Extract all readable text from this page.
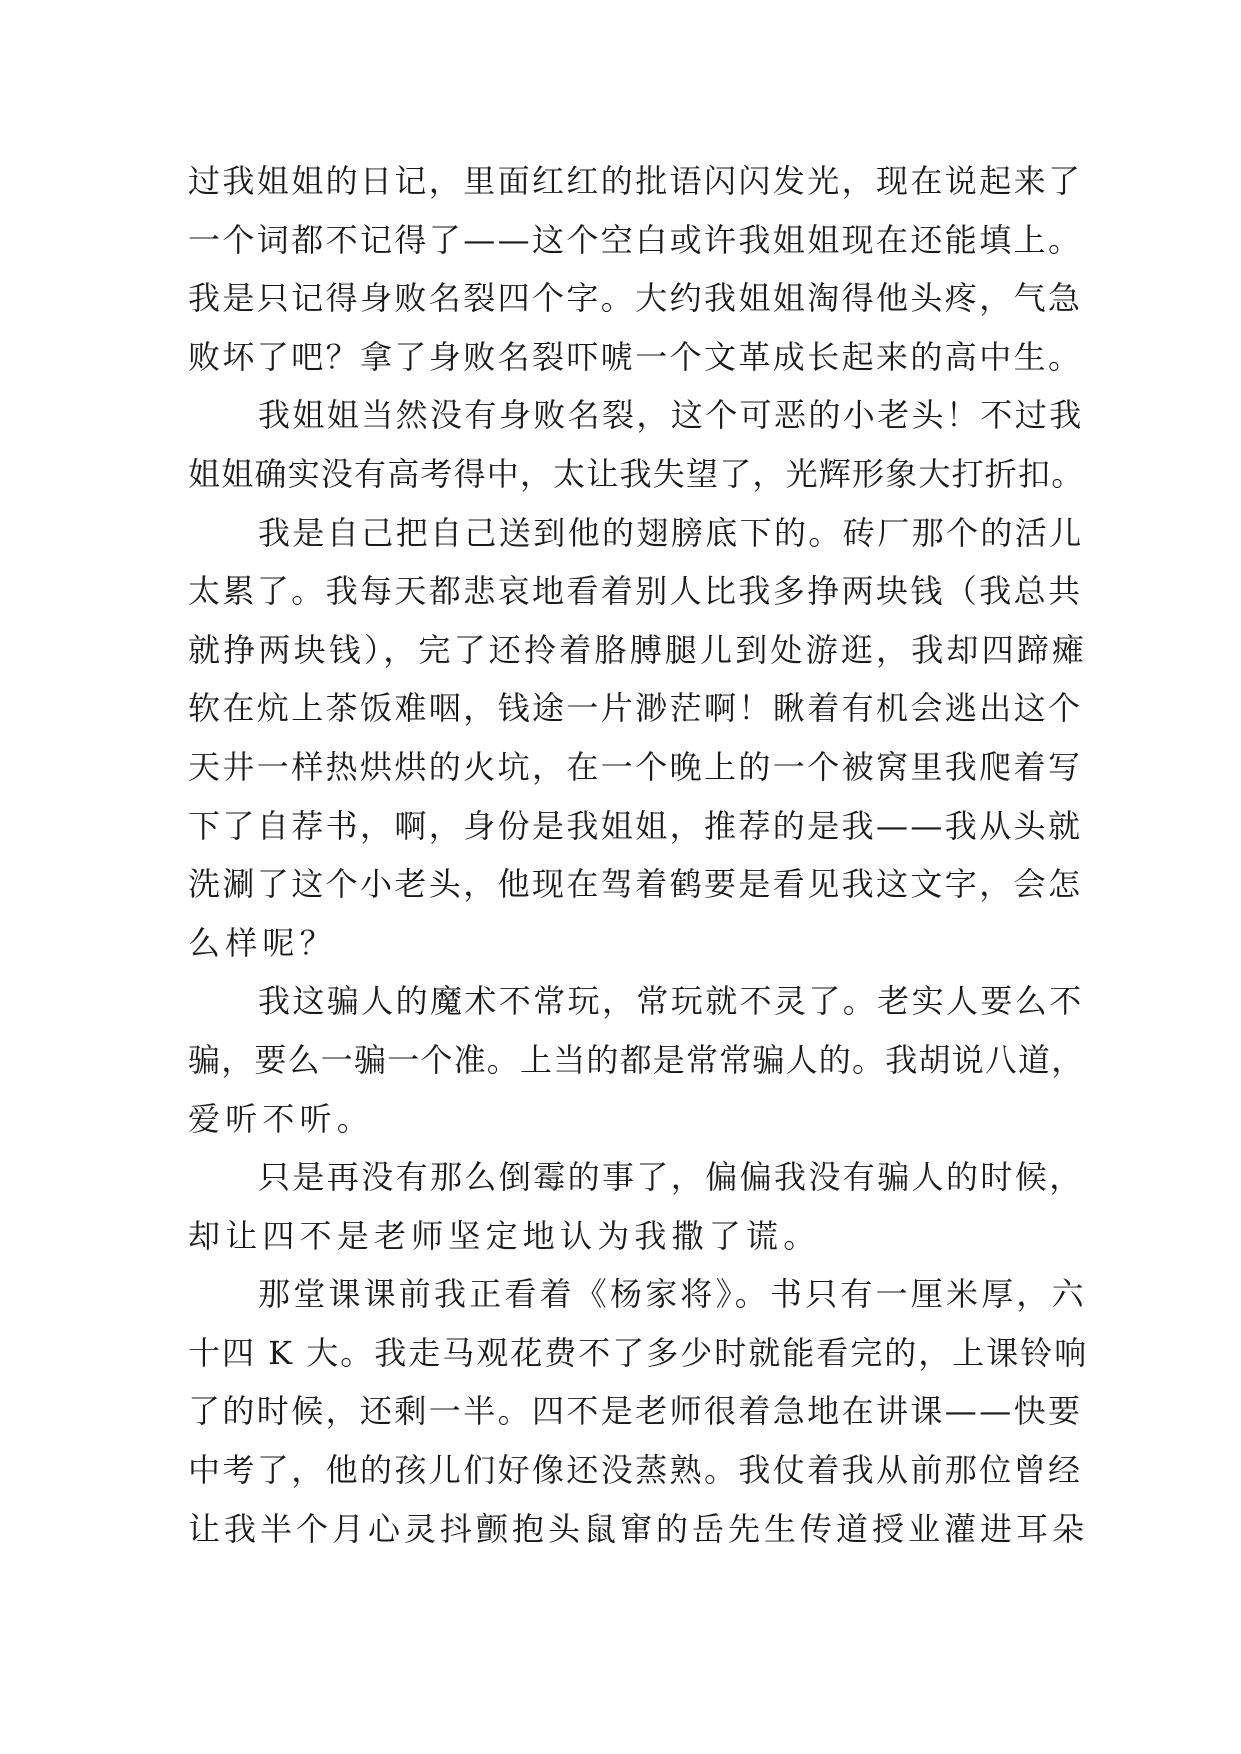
过我姐姐的日记，里面红红的批语闪闪发光，现在说起来了
一个词都不记得了——这个空白或许我姐姐现在还能填上。
我是只记得身败名裂四个字。大约我姐姐淘得他头疼，气急
败坏了吧？拿了身败名裂吓唬一个文革成长起来的高中生。
我姐姐当然没有身败名裂，这个可恶的小老头！不过我
姐姐确实没有高考得中，太让我失望了，光辉形象大打折扣。
我是自己把自己送到他的翅膀底下的。砖厂那个的活儿
太累了。我每天都悲哀地看着别人比我多挣两块钱（我总共
就挣两块钱），完了还拎着胳膊腿儿到处游逛，我却四蹄瘫
软在炕上茶饭难咽，钱途一片渺茫啊！瞅着有机会逃出这个
天井一样热烘烘的火坑，在一个晚上的一个被窝里我爬着写
下了自荐书，啊，身份是我姐姐，推荐的是我——我从头就
洗涮了这个小老头，他现在驾着鹤要是看见我这文字，会怎
么样呢？
我这骗人的魔术不常玩，常玩就不灵了。老实人要么不
骗，要么一骗一个准。上当的都是常常骗人的。我胡说八道，
爱听不听。
只是再没有那么倒霉的事了，偏偏我没有骗人的时候，
却让四不是老师坚定地认为我撒了谎。
那堂课课前我正看着《杨家将》。书只有一厘米厚，六
十四 K 大。我走马观花费不了多少时就能看完的，上课铃响
了的时候，还剩一半。四不是老师很着急地在讲课——快要
中考了，他的孩儿们好像还没蒸熟。我仗着我从前那位曾经
让我半个月心灵抖颤抱头鼠窜的岳先生传道授业灌进耳朵
